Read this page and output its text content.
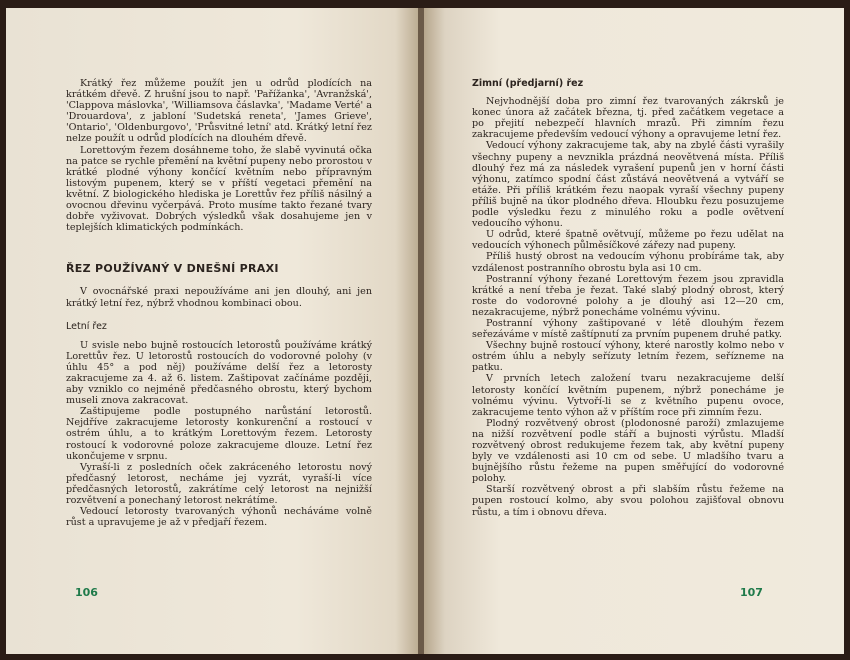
Krátký řez můžeme použít jen u odrůd plodících na krátkém dřevě. Z hrušní jsou to např. 'Pařížanka', 'Avranžská', 'Clappova máslovka', 'Williamsova čáslavka', 'Madame Verté' a 'Drouardova', z jabloní 'Sudetská reneta', 'James Grieve', 'Ontario', 'Oldenburgovo', 'Průsvitné letní' atd. Krátký letní řez nelze použít u odrůd plodících na dlouhém dřevě.

Lorettovým řezem dosáhneme toho, že slabě vyvinutá očka na patce se rychle přemění na květní pupeny nebo prorostou v krátké plodné výhony končící květním nebo přípravným listovým pupenem, který se v příští vegetaci přemění na květní. Z biologického hlediska je Lorettův řez příliš násilný a ovocnou dřevinu vyčerpává. Proto musíme takto řezané tvary dobře vyživovat. Dobrých výsledků však dosahujeme jen v teplejších klimatických podmínkách.

ŘEZ POUŽÍVANÝ V DNEŠNÍ PRAXI

V ovocnářské praxi nepoužíváme ani jen dlouhý, ani jen krátký letní řez, nýbrž vhodnou kombinaci obou.

Letní řez

U svisle nebo bujně rostoucích letorostů používáme krátký Lorettův řez. U letorostů rostoucích do vodorovné polohy (v úhlu 45° a pod něj) používáme delší řez a letorosty zakracujeme za 4. až 6. listem. Zaštipovat začínáme později, aby vzniklo co nejméně předčasného obrostu, který bychom museli znova zakracovat.

Zaštipujeme podle postupného narůstání letorostů. Nejdříve zakracujeme letorosty konkurenční a rostoucí v ostrém úhlu, a to krátkým Lorettovým řezem. Letorosty rostoucí k vodorovné poloze zakracujeme dlouze. Letní řez ukončujeme v srpnu.

Vyraší-li z posledních oček zakráceného letorostu nový předčasný letorost, necháme jej vyzrát, vyraší-li více předčasných letorostů, zakrátíme celý letorost na nejnižší rozvětvení a ponechaný letorost nekrátíme.

Vedoucí letorosty tvarovaných výhonů necháváme volně růst a upravujeme je až v předjaří řezem.

106
Zimní (předjarní) řez

Nejvhodnější doba pro zimní řez tvarovaných zákrsků je konec února až začátek března, tj. před začátkem vegetace a po přejití nebezpečí hlavních mrazů. Při zimním řezu zakracujeme především vedoucí výhony a opravujeme letní řez.

Vedoucí výhony zakracujeme tak, aby na zbylé části vyrašily všechny pupeny a nevznikla prázdná neovětvená místa. Příliš dlouhý řez má za následek vyrašení pupenů jen v horní části výhonu, zatímco spodní část zůstává neovětvená a vytváří se etáže. Při příliš krátkém řezu naopak vyraší všechny pupeny příliš bujně na úkor plodného dřeva. Hloubku řezu posuzujeme podle výsledku řezu z minulého roku a podle ovětvení vedoucího výhonu.

U odrůd, které špatně ovětvují, můžeme po řezu udělat na vedoucích výhonech půlměsíčkové zářezy nad pupeny.

Příliš hustý obrost na vedoucím výhonu probíráme tak, aby vzdálenost postranního obrostu byla asi 10 cm.

Postranní výhony řezané Lorettovým řezem jsou zpravidla krátké a není třeba je řezat. Také slabý plodný obrost, který roste do vodorovné polohy a je dlouhý asi 12—20 cm, nezakracujeme, nýbrž ponecháme volnému vývinu.

Postranní výhony zaštipované v létě dlouhým řezem seřezáváme v místě zaštípnutí za prvním pupenem druhé patky.

Všechny bujně rostoucí výhony, které narostly kolmo nebo v ostrém úhlu a nebyly seřízuty letním řezem, seřízneme na patku.

V prvních letech založení tvaru nezakracujeme delší letorosty končící květním pupenem, nýbrž ponecháme je volnému vývinu. Vytvoří-li se z květního pupenu ovoce, zakracujeme tento výhon až v příštím roce při zimním řezu.

Plodný rozvětvený obrost (plodonosné paroží) zmlazujeme na nižší rozvětvení podle stáří a bujnosti výrůstu. Mladší rozvětvený obrost redukujeme řezem tak, aby květní pupeny byly ve vzdálenosti asi 10 cm od sebe. U mladšího tvaru a bujnějšího růstu řežeme na pupen směřující do vodorovné polohy.

Starší rozvětvený obrost a při slabším růstu řežeme na pupen rostoucí kolmo, aby svou polohou zajišťoval obnovu růstu, a tím i obnovu dřeva.

107
